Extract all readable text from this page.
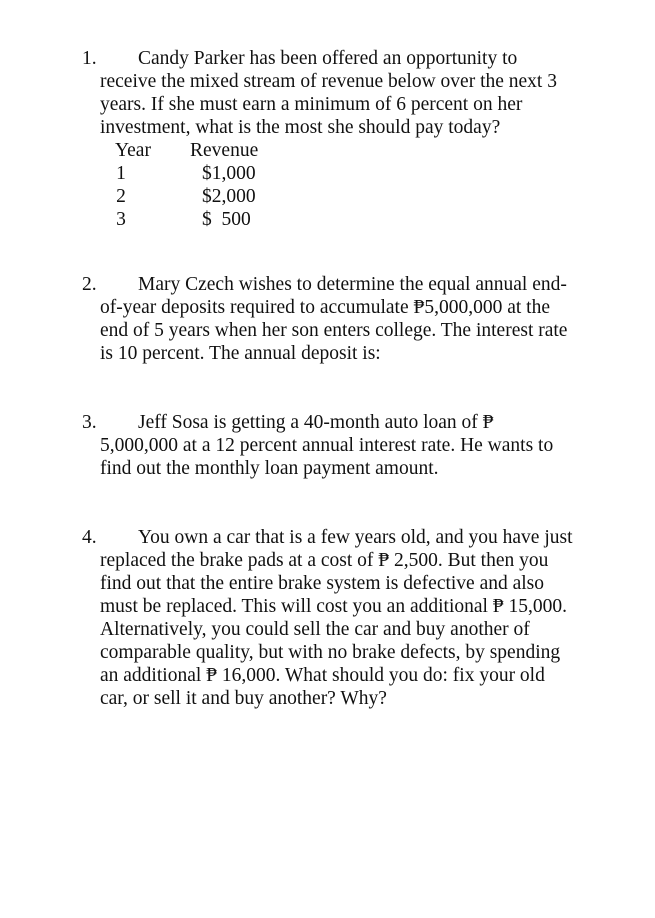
1. Candy Parker has been offered an opportunity to
receive the mixed stream of revenue below over the next 3
years. If she must earn a minimum of 6 percent on her
investment, what is the most she should pay today?
Year Revenue
1	$1,000
2	$2,000
3	$  500
2. Mary Czech wishes to determine the equal annual end-
of-year deposits required to accumulate ₱5,000,000 at the
end of 5 years when her son enters college. The interest rate
is 10 percent. The annual deposit is:
3. Jeff Sosa is getting a 40-month auto loan of ₱
5,000,000 at a 12 percent annual interest rate. He wants to
find out the monthly loan payment amount.
4. You own a car that is a few years old, and you have just
replaced the brake pads at a cost of ₱ 2,500. But then you
find out that the entire brake system is defective and also
must be replaced. This will cost you an additional ₱ 15,000.
Alternatively, you could sell the car and buy another of
comparable quality, but with no brake defects, by spending
an additional ₱ 16,000. What should you do: fix your old
car, or sell it and buy another? Why?
